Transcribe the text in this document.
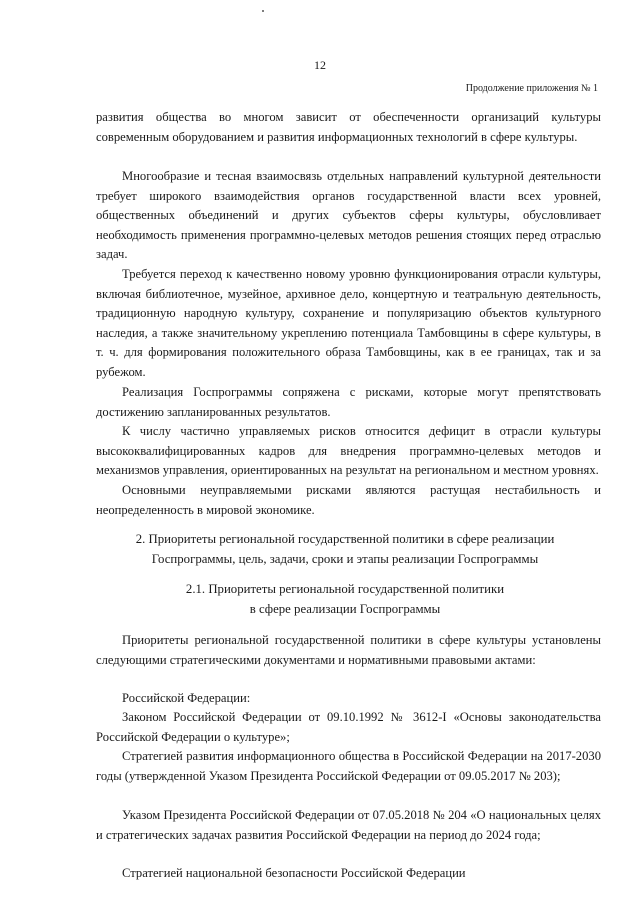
12
Продолжение приложения № 1

развития общества во многом зависит от обеспеченности организаций культуры современным оборудованием и развития информационных технологий в сфере культуры.

Многообразие и тесная взаимосвязь отдельных направлений культурной деятельности требует широкого взаимодействия органов государственной власти всех уровней, общественных объединений и других субъектов сферы культуры, обусловливает необходимость применения программно-целевых методов решения стоящих перед отраслью задач.

Требуется переход к качественно новому уровню функционирования отрасли культуры, включая библиотечное, музейное, архивное дело, концертную и театральную деятельность, традиционную народную культуру, сохранение и популяризацию объектов культурного наследия, а также значительному укреплению потенциала Тамбовщины в сфере культуры, в т. ч. для формирования положительного образа Тамбовщины, как в ее границах, так и за рубежом.

Реализация Госпрограммы сопряжена с рисками, которые могут препятствовать достижению запланированных результатов.

К числу частично управляемых рисков относится дефицит в отрасли культуры высококвалифицированных кадров для внедрения программно-целевых методов и механизмов управления, ориентированных на результат на региональном и местном уровнях.

Основными неуправляемыми рисками являются растущая нестабильность и неопределенность в мировой экономике.

2. Приоритеты региональной государственной политики в сфере реализации
Госпрограммы, цель, задачи, сроки и этапы реализации Госпрограммы
2.1. Приоритеты региональной государственной политики
в сфере реализации Госпрограммы

Приоритеты региональной государственной политики в сфере культуры установлены следующими стратегическими документами и нормативными правовыми актами:

Российской Федерации:

Законом Российской Федерации от 09.10.1992 № 3612-I «Основы законодательства Российской Федерации о культуре»;

Стратегией развития информационного общества в Российской Федерации на 2017-2030 годы (утвержденной Указом Президента Российской Федерации от 09.05.2017 № 203);

Указом Президента Российской Федерации от 07.05.2018 № 204 «О национальных целях и стратегических задачах развития Российской Федерации на период до 2024 года;

Стратегией национальной безопасности Российской Федерации
